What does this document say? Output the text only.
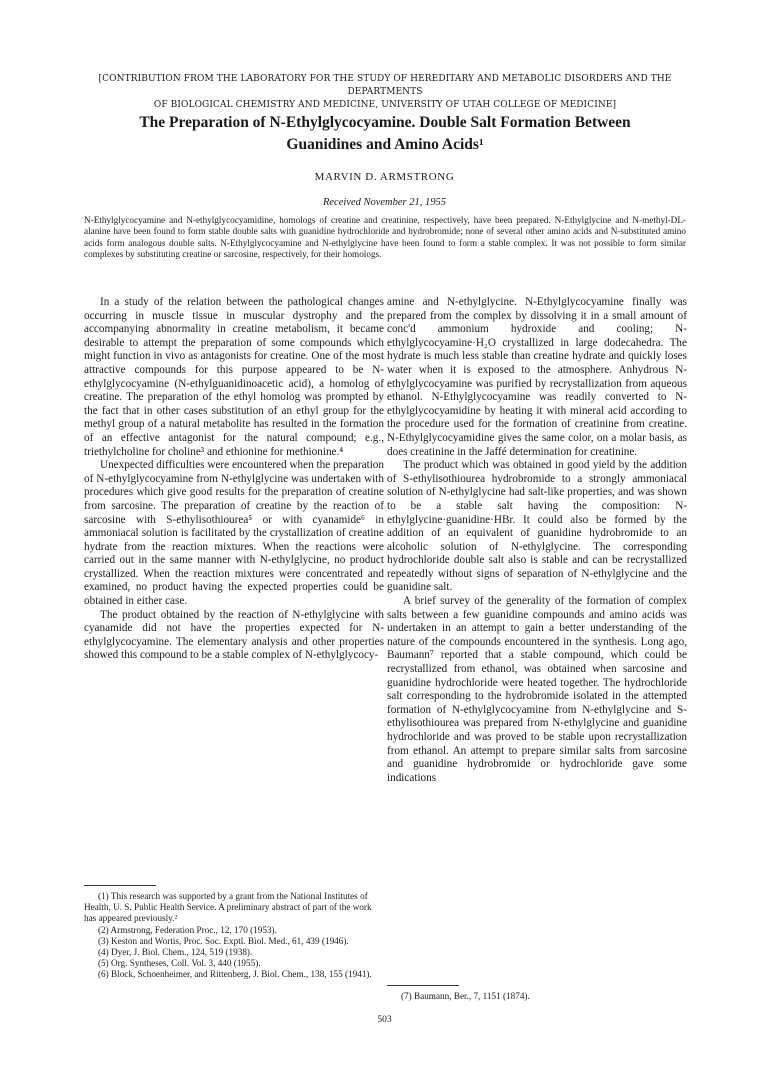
[CONTRIBUTION FROM THE LABORATORY FOR THE STUDY OF HEREDITARY AND METABOLIC DISORDERS AND THE DEPARTMENTS
OF BIOLOGICAL CHEMISTRY AND MEDICINE, UNIVERSITY OF UTAH COLLEGE OF MEDICINE]
The Preparation of N-Ethylglycocyamine. Double Salt Formation Between
Guanidines and Amino Acids¹
MARVIN D. ARMSTRONG
Received November 21, 1955
N-Ethylglycocyamine and N-ethylglycocyamidine, homologs of creatine and creatinine, respectively, have been prepared. N-Ethylglycine and N-methyl-DL-alanine have been found to form stable double salts with guanidine hydrochloride and hydrobromide; none of several other amino acids and N-substituted amino acids form analogous double salts. N-Ethylglycocyamine and N-ethylglycine have been found to form a stable complex. It was not possible to form similar complexes by substituting creatine or sarcosine, respectively, for their homologs.

In a study of the relation between the pathological changes occurring in muscle tissue in muscular dystrophy and the accompanying abnormality in creatine metabolism, it became desirable to attempt the preparation of some compounds which might function in vivo as antagonists for creatine. One of the most attractive compounds for this purpose appeared to be N-ethylglycocyamine (N-ethylguanidinoacetic acid), a homolog of creatine. The preparation of the ethyl homolog was prompted by the fact that in other cases substitution of an ethyl group for the methyl group of a natural metabolite has resulted in the formation of an effective antagonist for the natural compound; e.g., triethylcholine for choline³ and ethionine for methionine.⁴

Unexpected difficulties were encountered when the preparation of N-ethylglycocyamine from N-ethylglycine was undertaken with procedures which give good results for the preparation of creatine from sarcosine. The preparation of creatine by the reaction of sarcosine with S-ethylisothiourea⁵ or with cyanamide⁶ in ammoniacal solution is facilitated by the crystallization of creatine hydrate from the reaction mixtures. When the reactions were carried out in the same manner with N-ethylglycine, no product crystallized. When the reaction mixtures were concentrated and examined, no product having the expected properties could be obtained in either case.

The product obtained by the reaction of N-ethylglycine with cyanamide did not have the properties expected for N-ethylglycocyamine. The elementary analysis and other properties showed this compound to be a stable complex of N-ethylglycocy-

amine and N-ethylglycine. N-Ethylglycocyamine finally was prepared from the complex by dissolving it in a small amount of conc'd ammonium hydroxide and cooling; N-ethylglycocyamine·H₂O crystallized in large dodecahedra. The hydrate is much less stable than creatine hydrate and quickly loses water when it is exposed to the atmosphere. Anhydrous N-ethylglycocyamine was purified by recrystallization from aqueous ethanol. N-Ethylglycocyamine was readily converted to N-ethylglycocyamidine by heating it with mineral acid according to the procedure used for the formation of creatinine from creatine. N-Ethylglycocyamidine gives the same color, on a molar basis, as does creatinine in the Jaffé determination for creatinine.

The product which was obtained in good yield by the addition of S-ethylisothiourea hydrobromide to a strongly ammoniacal solution of N-ethylglycine had salt-like properties, and was shown to be a stable salt having the composition: N-ethylglycine·guanidine·HBr. It could also be formed by the addition of an equivalent of guanidine hydrobromide to an alcoholic solution of N-ethylglycine. The corresponding hydrochloride double salt also is stable and can be recrystallized repeatedly without signs of separation of N-ethylglycine and the guanidine salt.

A brief survey of the generality of the formation of complex salts between a few guanidine compounds and amino acids was undertaken in an attempt to gain a better understanding of the nature of the compounds encountered in the synthesis. Long ago, Baumann⁷ reported that a stable compound, which could be recrystallized from ethanol, was obtained when sarcosine and guanidine hydrochloride were heated together. The hydrochloride salt corresponding to the hydrobromide isolated in the attempted formation of N-ethylglycocyamine from N-ethylglycine and S-ethylisothiourea was prepared from N-ethylglycine and guanidine hydrochloride and was proved to be stable upon recrystallization from ethanol. An attempt to prepare similar salts from sarcosine and guanidine hydrobromide or hydrochloride gave some indications

(1) This research was supported by a grant from the National Institutes of Health, U. S. Public Health Service. A preliminary abstract of part of the work has appeared previously.²
(2) Armstrong, Federation Proc., 12, 170 (1953).
(3) Keston and Wortis, Proc. Soc. Exptl. Biol. Med., 61, 439 (1946).
(4) Dyer, J. Biol. Chem., 124, 519 (1938).
(5) Org. Syntheses, Coll. Vol. 3, 440 (1955).
(6) Block, Schoenheimer, and Rittenberg, J. Biol. Chem., 138, 155 (1941).
(7) Baumann, Ber., 7, 1151 (1874).
503
